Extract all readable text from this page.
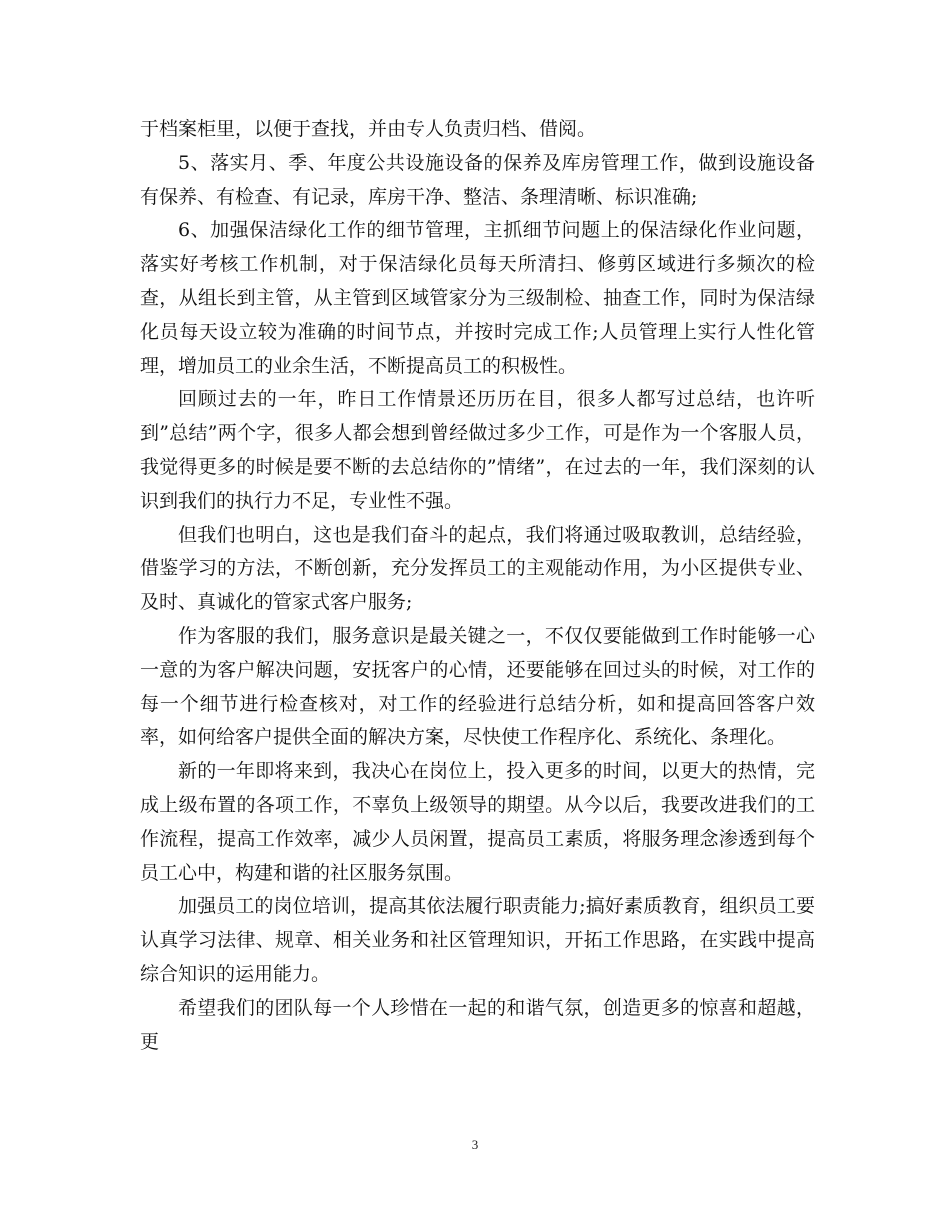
于档案柜里，以便于查找，并由专人负责归档、借阅。

5、落实月、季、年度公共设施设备的保养及库房管理工作，做到设施设备有保养、有检查、有记录，库房干净、整洁、条理清晰、标识准确;

6、加强保洁绿化工作的细节管理，主抓细节问题上的保洁绿化作业问题，落实好考核工作机制，对于保洁绿化员每天所清扫、修剪区域进行多频次的检查，从组长到主管，从主管到区域管家分为三级制检、抽查工作，同时为保洁绿化员每天设立较为准确的时间节点，并按时完成工作;人员管理上实行人性化管理，增加员工的业余生活，不断提高员工的积极性。

回顾过去的一年，昨日工作情景还历历在目，很多人都写过总结，也许听到”总结”两个字，很多人都会想到曾经做过多少工作，可是作为一个客服人员，我觉得更多的时候是要不断的去总结你的”情绪”，在过去的一年，我们深刻的认识到我们的执行力不足，专业性不强。

但我们也明白，这也是我们奋斗的起点，我们将通过吸取教训，总结经验，借鉴学习的方法，不断创新，充分发挥员工的主观能动作用，为小区提供专业、及时、真诚化的管家式客户服务;

作为客服的我们，服务意识是最关键之一，不仅仅要能做到工作时能够一心一意的为客户解决问题，安抚客户的心情，还要能够在回过头的时候，对工作的每一个细节进行检查核对，对工作的经验进行总结分析，如和提高回答客户效率，如何给客户提供全面的解决方案，尽快使工作程序化、系统化、条理化。

新的一年即将来到，我决心在岗位上，投入更多的时间，以更大的热情，完成上级布置的各项工作，不辜负上级领导的期望。从今以后，我要改进我们的工作流程，提高工作效率，减少人员闲置，提高员工素质，将服务理念渗透到每个员工心中，构建和谐的社区服务氛围。

加强员工的岗位培训，提高其依法履行职责能力;搞好素质教育，组织员工要认真学习法律、规章、相关业务和社区管理知识，开拓工作思路，在实践中提高综合知识的运用能力。

希望我们的团队每一个人珍惜在一起的和谐气氛，创造更多的惊喜和超越，更

3
